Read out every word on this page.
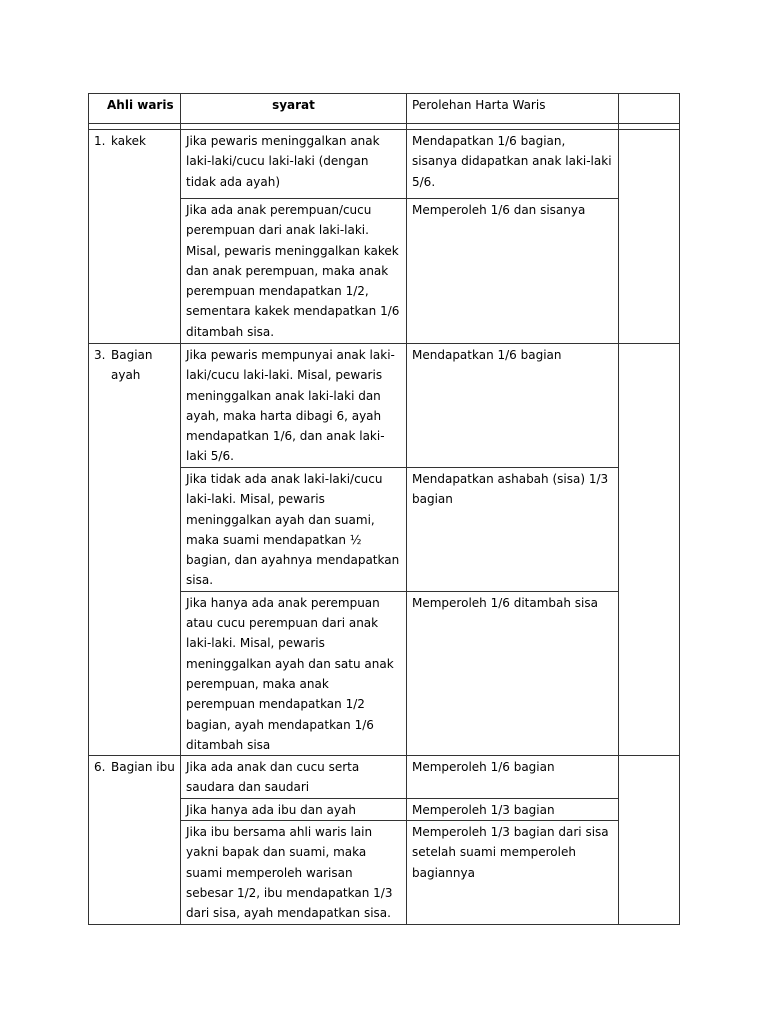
Ahli waris	syarat	Perolehan Harta Waris	

1. kakek	Jika pewaris meninggalkan anak laki-laki/cucu laki-laki (dengan tidak ada ayah)	Mendapatkan 1/6 bagian, sisanya didapatkan anak laki-laki 5/6.	
	Jika ada anak perempuan/cucu perempuan dari anak laki-laki. Misal, pewaris meninggalkan kakek dan anak perempuan, maka anak perempuan mendapatkan 1/2, sementara kakek mendapatkan 1/6 ditambah sisa.	Memperoleh 1/6 dan sisanya	

3. Bagian ayah	Jika pewaris mempunyai anak laki-laki/cucu laki-laki. Misal, pewaris meninggalkan anak laki-laki dan ayah, maka harta dibagi 6, ayah mendapatkan 1/6, dan anak laki-laki 5/6.	Mendapatkan 1/6 bagian	
	Jika tidak ada anak laki-laki/cucu laki-laki. Misal, pewaris meninggalkan ayah dan suami, maka suami mendapatkan ½ bagian, dan ayahnya mendapatkan sisa.	Mendapatkan ashabah (sisa) 1/3 bagian	
	Jika hanya ada anak perempuan atau cucu perempuan dari anak laki-laki. Misal, pewaris meninggalkan ayah dan satu anak perempuan, maka anak perempuan mendapatkan 1/2 bagian, ayah mendapatkan 1/6 ditambah sisa	Memperoleh 1/6 ditambah sisa	

6. Bagian ibu	Jika ada anak dan cucu serta saudara dan saudari	Memperoleh 1/6 bagian	
	Jika hanya ada ibu dan ayah	Memperoleh 1/3 bagian	
	Jika ibu bersama ahli waris lain yakni bapak dan suami, maka suami memperoleh warisan sebesar 1/2, ibu mendapatkan 1/3 dari sisa, ayah mendapatkan sisa.	Memperoleh 1/3 bagian dari sisa setelah suami memperoleh bagiannya	
